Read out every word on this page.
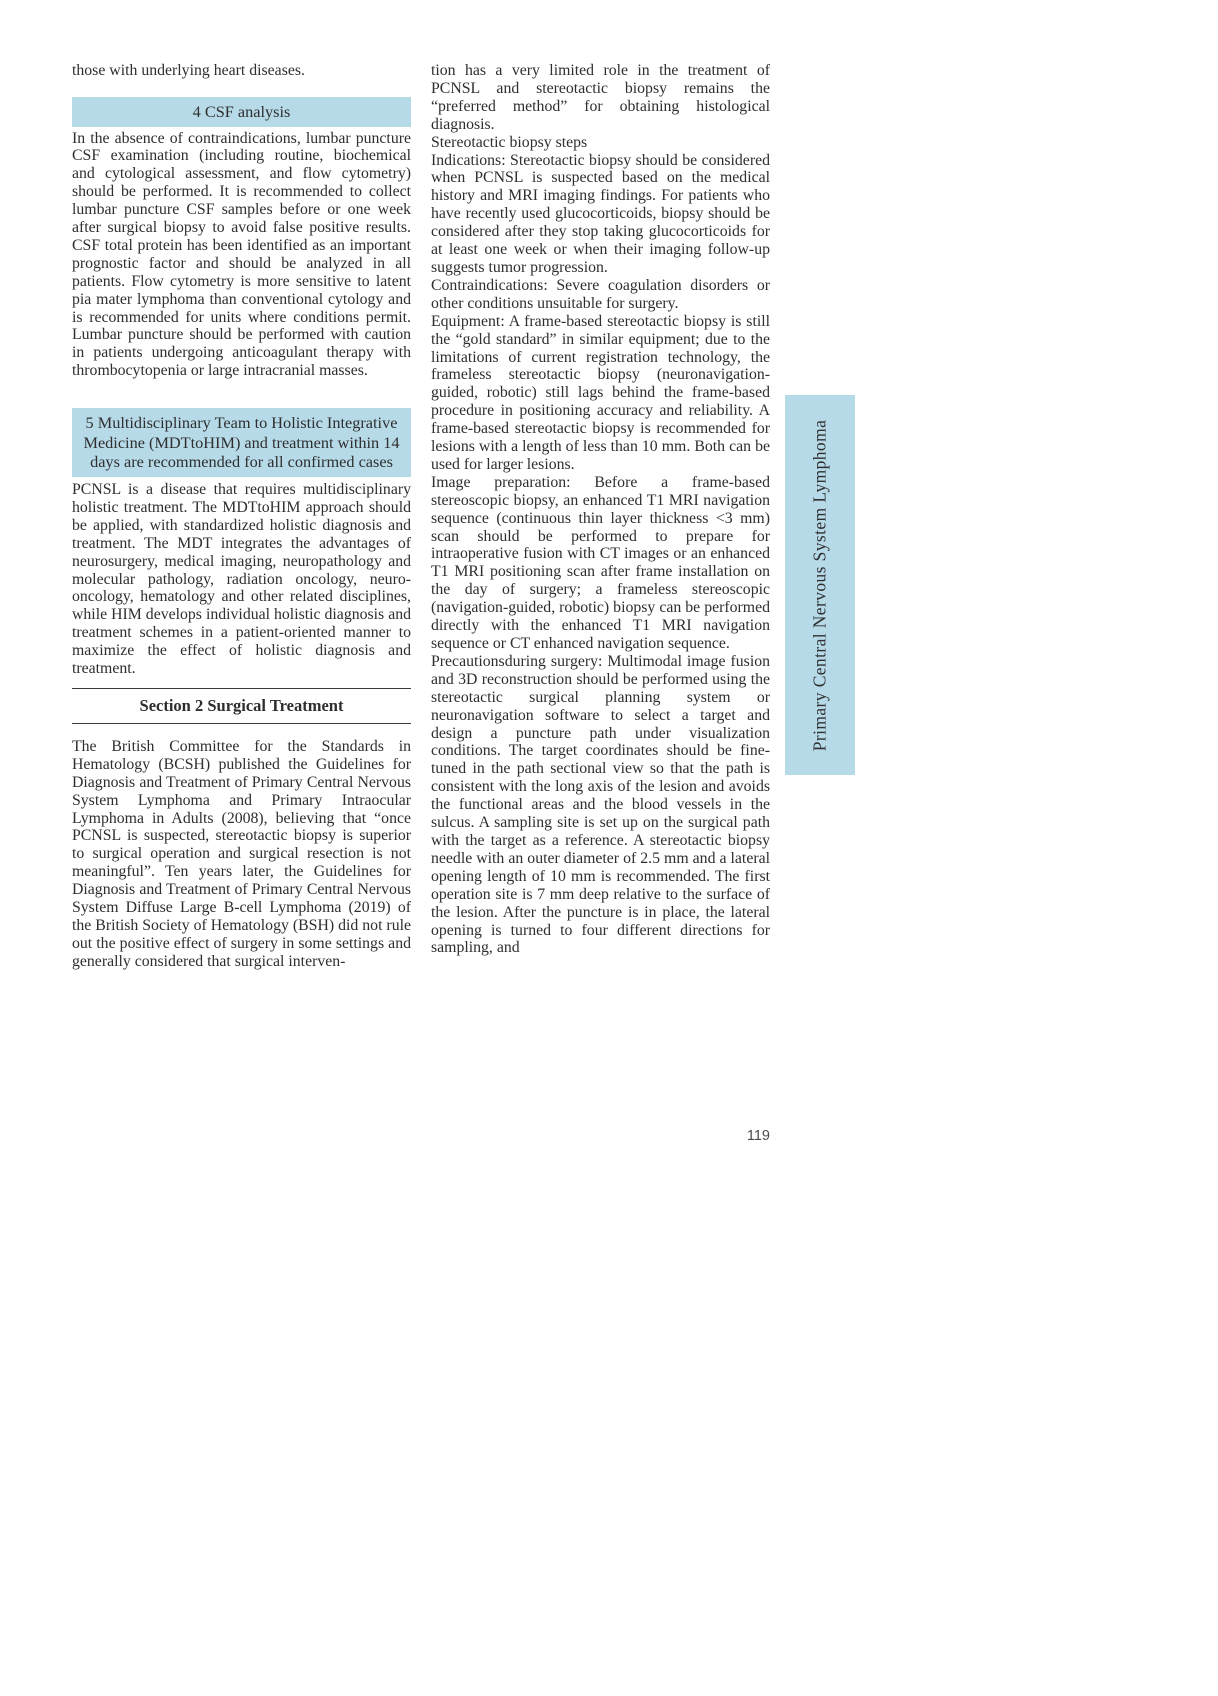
those with underlying heart diseases.

4 CSF analysis

In the absence of contraindications, lumbar puncture CSF examination (including routine, biochemical and cytological assessment, and flow cytometry) should be performed. It is recommended to collect lumbar puncture CSF samples before or one week after surgical biopsy to avoid false positive results. CSF total protein has been identified as an important prognostic factor and should be analyzed in all patients. Flow cytometry is more sensitive to latent pia mater lymphoma than conventional cytology and is recommended for units where conditions permit. Lumbar puncture should be performed with caution in patients undergoing anticoagulant therapy with thrombocytopenia or large intracranial masses.

5 Multidisciplinary Team to Holistic Integrative Medicine (MDTtoHIM) and treatment within 14 days are recommended for all confirmed cases

PCNSL is a disease that requires multidisciplinary holistic treatment. The MDTtoHIM approach should be applied, with standardized holistic diagnosis and treatment. The MDT integrates the advantages of neurosurgery, medical imaging, neuropathology and molecular pathology, radiation oncology, neuro-oncology, hematology and other related disciplines, while HIM develops individual holistic diagnosis and treatment schemes in a patient-oriented manner to maximize the effect of holistic diagnosis and treatment.

Section 2 Surgical Treatment

The British Committee for the Standards in Hematology (BCSH) published the Guidelines for Diagnosis and Treatment of Primary Central Nervous System Lymphoma and Primary Intraocular Lymphoma in Adults (2008), believing that “once PCNSL is suspected, stereotactic biopsy is superior to surgical operation and surgical resection is not meaningful”. Ten years later, the Guidelines for Diagnosis and Treatment of Primary Central Nervous System Diffuse Large B-cell Lymphoma (2019) of the British Society of Hematology (BSH) did not rule out the positive effect of surgery in some settings and generally considered that surgical interven-

tion has a very limited role in the treatment of PCNSL and stereotactic biopsy remains the “preferred method” for obtaining histological diagnosis.

Stereotactic biopsy steps

Indications: Stereotactic biopsy should be considered when PCNSL is suspected based on the medical history and MRI imaging findings. For patients who have recently used glucocorticoids, biopsy should be considered after they stop taking glucocorticoids for at least one week or when their imaging follow-up suggests tumor progression.

Contraindications: Severe coagulation disorders or other conditions unsuitable for surgery.

Equipment: A frame-based stereotactic biopsy is still the “gold standard” in similar equipment; due to the limitations of current registration technology, the frameless stereotactic biopsy (neuronavigation-guided, robotic) still lags behind the frame-based procedure in positioning accuracy and reliability. A frame-based stereotactic biopsy is recommended for lesions with a length of less than 10 mm. Both can be used for larger lesions.

Image preparation: Before a frame-based stereoscopic biopsy, an enhanced T1 MRI navigation sequence (continuous thin layer thickness <3 mm) scan should be performed to prepare for intraoperative fusion with CT images or an enhanced T1 MRI positioning scan after frame installation on the day of surgery; a frameless stereoscopic (navigation-guided, robotic) biopsy can be performed directly with the enhanced T1 MRI navigation sequence or CT enhanced navigation sequence.

Precautionsduring surgery: Multimodal image fusion and 3D reconstruction should be performed using the stereotactic surgical planning system or neuronavigation software to select a target and design a puncture path under visualization conditions. The target coordinates should be fine-tuned in the path sectional view so that the path is consistent with the long axis of the lesion and avoids the functional areas and the blood vessels in the sulcus. A sampling site is set up on the surgical path with the target as a reference. A stereotactic biopsy needle with an outer diameter of 2.5 mm and a lateral opening length of 10 mm is recommended. The first operation site is 7 mm deep relative to the surface of the lesion. After the puncture is in place, the lateral opening is turned to four different directions for sampling, and

Primary Central Nervous System Lymphoma
119
